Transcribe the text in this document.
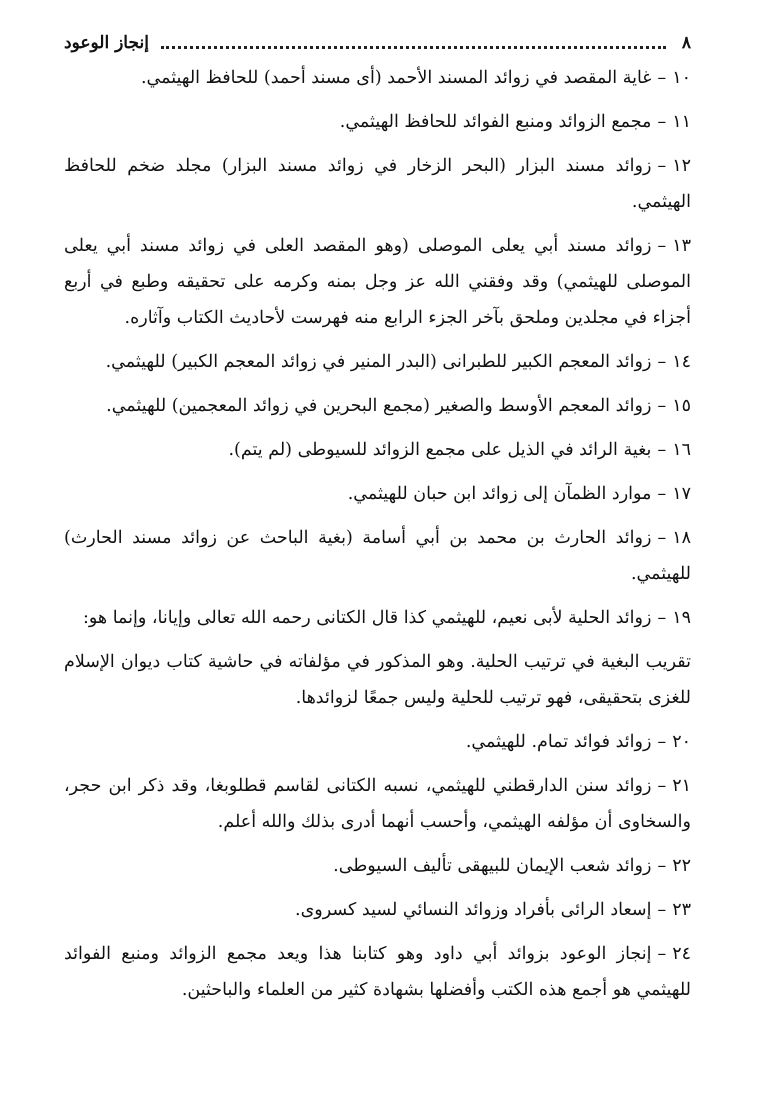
٨
إنجاز الوعود

١٠–غاية المقصد في زوائد المسند الأحمد (أى مسند أحمد) للحافظ الهيثمي.

١١–مجمع الزوائد ومنبع الفوائد للحافظ الهيثمي.

١٢–زوائد مسند البزار (البحر الزخار في زوائد مسند البزار) مجلد ضخم للحافظ الهيثمي.

١٣–زوائد مسند أبي يعلى الموصلى (وهو المقصد العلى في زوائد مسند أبي يعلى الموصلى للهيثمي) وقد وفقني الله عز وجل بمنه وكرمه على تحقيقه وطبع في أربع أجزاء في مجلدين وملحق بآخر الجزء الرابع منه فهرست لأحاديث الكتاب وآثاره.

١٤–زوائد المعجم الكبير للطبرانى (البدر المنير في زوائد المعجم الكبير) للهيثمي.

١٥–زوائد المعجم الأوسط والصغير (مجمع البحرين في زوائد المعجمين) للهيثمي.

١٦–بغية الرائد في الذيل على مجمع الزوائد للسيوطى (لم يتم).

١٧–موارد الظمآن إلى زوائد ابن حبان للهيثمي.

١٨–زوائد الحارث بن محمد بن أبي أسامة (بغية الباحث عن زوائد مسند الحارث) للهيثمي.

١٩–زوائد الحلية لأبى نعيم، للهيثمي كذا قال الكتانى رحمه الله تعالى وإيانا، وإنما هو:

تقريب البغية في ترتيب الحلية. وهو المذكور في مؤلفاته في حاشية كتاب ديوان الإسلام للغزى بتحقيقى، فهو ترتيب للحلية وليس جمعًا لزوائدها.

٢٠–زوائد فوائد تمام. للهيثمي.

٢١–زوائد سنن الدارقطني للهيثمي، نسبه الكتانى لقاسم قطلوبغا، وقد ذكر ابن حجر، والسخاوى أن مؤلفه الهيثمي، وأحسب أنهما أدرى بذلك والله أعلم.

٢٢–زوائد شعب الإيمان للبيهقى تأليف السيوطى.

٢٣–إسعاد الرائى بأفراد وزوائد النسائي لسيد كسروى.

٢٤–إنجاز الوعود بزوائد أبي داود وهو كتابنا هذا ويعد مجمع الزوائد ومنبع الفوائد للهيثمي هو أجمع هذه الكتب وأفضلها بشهادة كثير من العلماء والباحثين.
